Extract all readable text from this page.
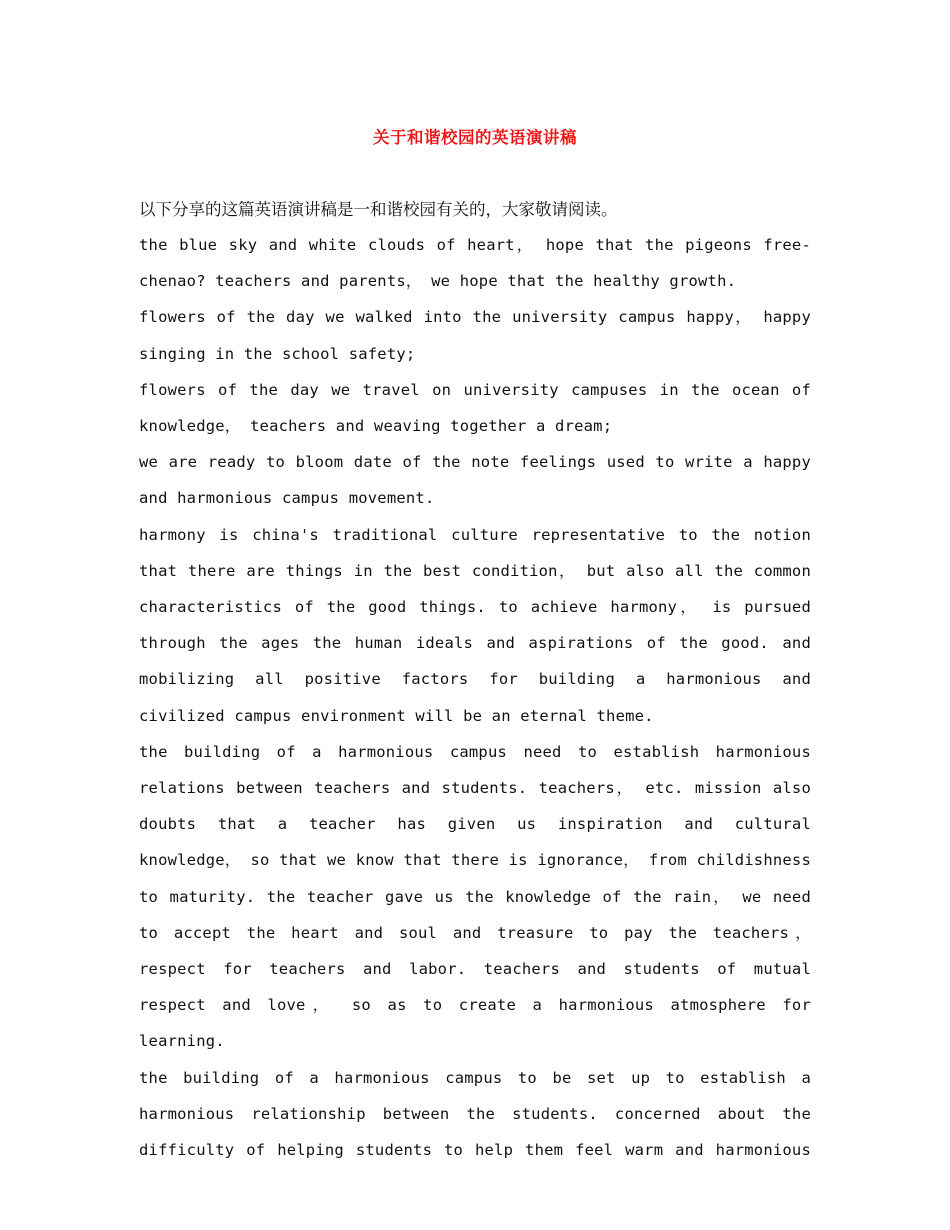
关于和谐校园的英语演讲稿
以下分享的这篇英语演讲稿是一和谐校园有关的，大家敬请阅读。

the blue sky and white clouds of heart， hope that the pigeons free-chenao? teachers and parents， we hope that the healthy growth.

flowers of the day we walked into the university campus happy， happy singing in the school safety;

flowers of the day we travel on university campuses in the ocean of knowledge， teachers and weaving together a dream;

we are ready to bloom date of the note feelings used to write a happy and harmonious campus movement.

harmony is china's traditional culture representative to the notion that there are things in the best condition， but also all the common characteristics of the good things. to achieve harmony， is pursued through the ages the human ideals and aspirations of the good. and mobilizing all positive factors for building a harmonious and civilized campus environment will be an eternal theme.

the building of a harmonious campus need to establish harmonious relations between teachers and students. teachers， etc. mission also doubts that a teacher has given us inspiration and cultural knowledge， so that we know that there is ignorance， from childishness to maturity. the teacher gave us the knowledge of the rain， we need to accept the heart and soul and treasure to pay the teachers， respect for teachers and labor. teachers and students of mutual respect and love， so as to create a harmonious atmosphere for learning.

the building of a harmonious campus to be set up to establish a harmonious relationship between the students. concerned about the difficulty of helping students to help them feel warm and harmonious
